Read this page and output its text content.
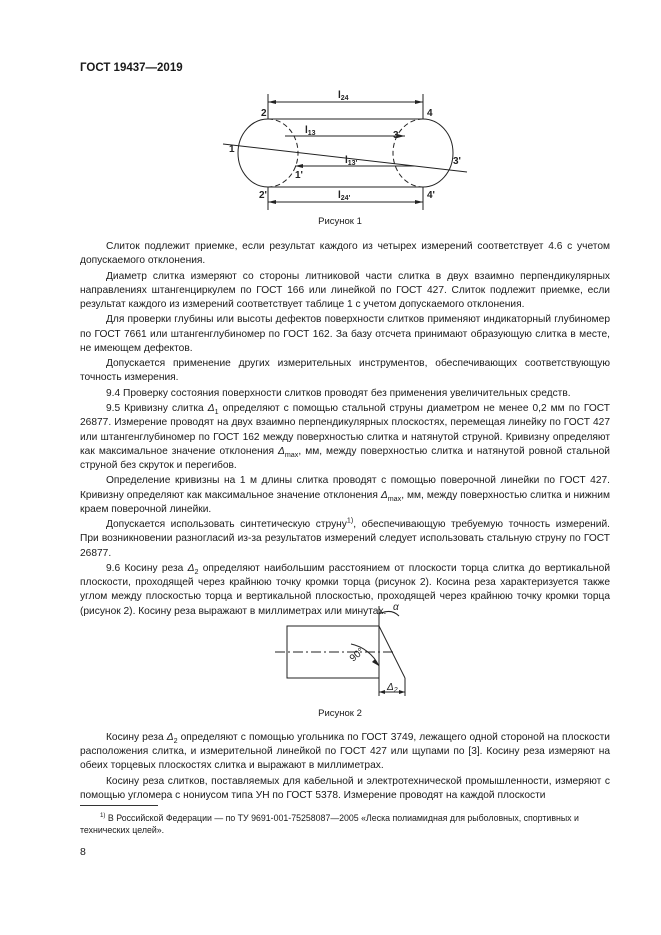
ГОСТ 19437—2019
$l_{24}$
$l_{13}$
$l_{13'}$
$l_{24'}$
2	4
1
3
1'
3'
2'	4'
Рисунок 1

Слиток подлежит приемке, если результат каждого из четырех измерений соответствует 4.6 с учетом допускаемого отклонения.

Диаметр слитка измеряют со стороны литниковой части слитка в двух взаимно перпендикулярных направлениях штангенциркулем по ГОСТ 166 или линейкой по ГОСТ 427. Слиток подлежит приемке, если результат каждого из измерений соответствует таблице 1 с учетом допускаемого отклонения.

Для проверки глубины или высоты дефектов поверхности слитков применяют индикаторный глубиномер по ГОСТ 7661 или штангенглубиномер по ГОСТ 162. За базу отсчета принимают образующую слитка в месте, не имеющем дефектов.

Допускается применение других измерительных инструментов, обеспечивающих соответствующую точность измерения.

9.4 Проверку состояния поверхности слитков проводят без применения увеличительных средств.

9.5 Кривизну слитка $\Delta_1$ определяют с помощью стальной струны диаметром не менее 0,2 мм по ГОСТ 26877. Измерение проводят на двух взаимно перпендикулярных плоскостях, перемещая линейку по ГОСТ 427 или штангенглубиномер по ГОСТ 162 между поверхностью слитка и натянутой струной. Кривизну определяют как максимальное значение отклонения $\Delta_{max}$, мм, между поверхностью слитка и натянутой ровной стальной струной без скруток и перегибов.

Определение кривизны на 1 м длины слитка проводят с помощью поверочной линейки по ГОСТ 427. Кривизну определяют как максимальное значение отклонения $\Delta_{max}$, мм, между поверхностью слитка и нижним краем поверочной линейки.

Допускается использовать синтетическую струну$^{1)}$, обеспечивающую требуемую точность измерений. При возникновении разногласий из-за результатов измерений следует использовать стальную струну по ГОСТ 26877.

9.6 Косину реза $\Delta_2$ определяют наибольшим расстоянием от плоскости торца слитка до вертикальной плоскости, проходящей через крайнюю точку кромки торца (рисунок 2). Косина реза характеризуется также углом между плоскостью торца и вертикальной плоскостью, проходящей через крайнюю точку кромки торца (рисунок 2). Косину реза выражают в миллиметрах или минутах. α
90°
$\Delta_2$
Рисунок 2

Косину реза $\Delta_2$ определяют с помощью угольника по ГОСТ 3749, лежащего одной стороной на плоскости расположения слитка, и измерительной линейкой по ГОСТ 427 или щупами по [3]. Косину реза измеряют на обеих торцевых плоскостях слитка и выражают в миллиметрах.

Косину реза слитков, поставляемых для кабельной и электротехнической промышленности, измеряют с помощью угломера с нониусом типа УН по ГОСТ 5378. Измерение проводят на каждой плоскости

$^{1)}$ В Российской Федерации — по ТУ 9691-001-75258087—2005 «Леска полиамидная для рыболовных, спортивных и технических целей».
8
